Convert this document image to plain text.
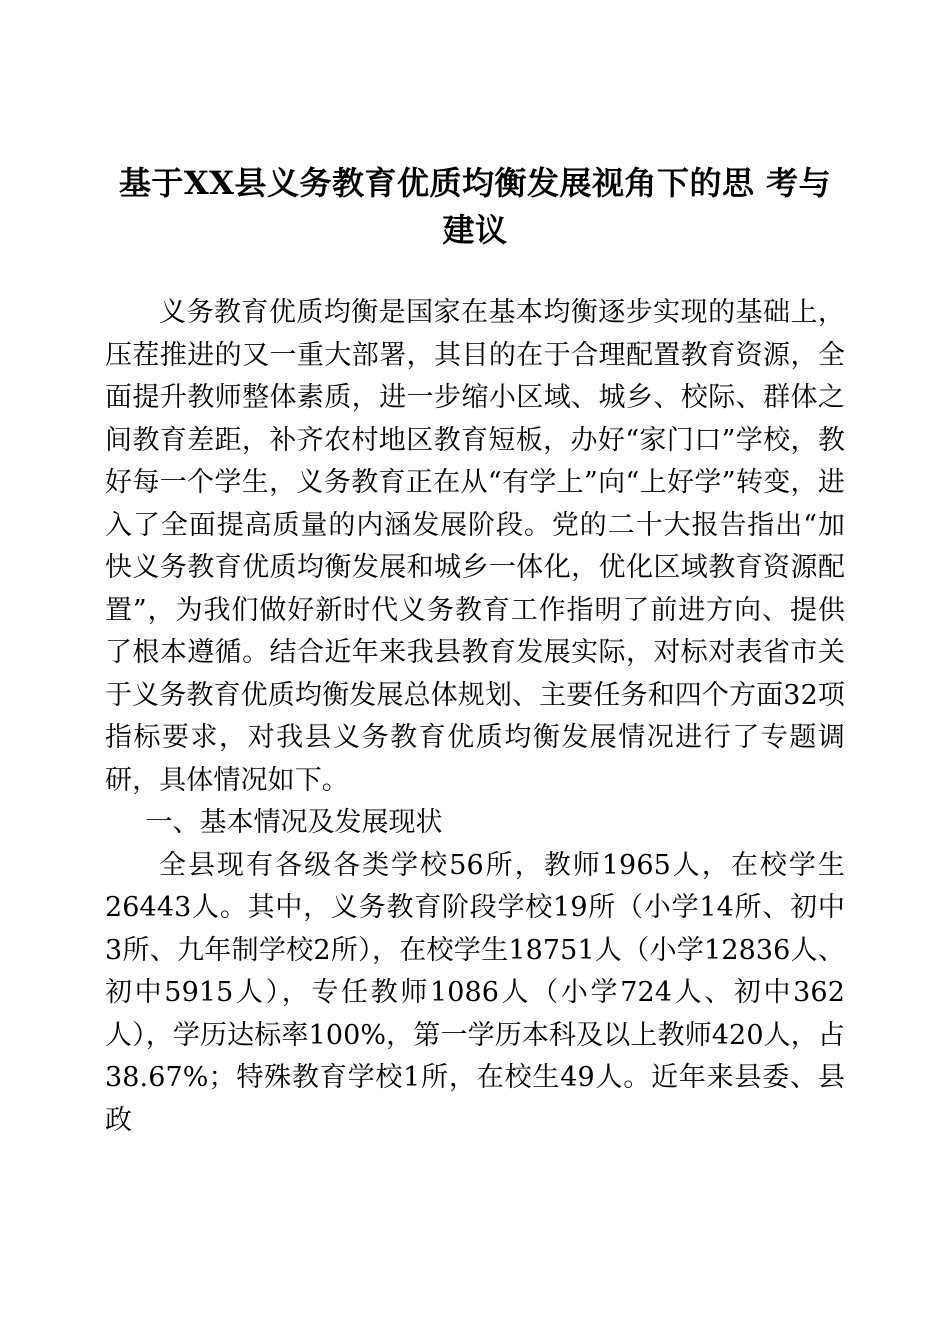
基于XX县义务教育优质均衡发展视角下的思 考与建议

义务教育优质均衡是国家在基本均衡逐步实现的基础上，压茬推进的又一重大部署，其目的在于合理配置教育资源，全面提升教师整体素质，进一步缩小区域、城乡、校际、群体之间教育差距，补齐农村地区教育短板，办好“家门口”学校，教好每一个学生，义务教育正在从“有学上”向“上好学”转变，进入了全面提高质量的内涵发展阶段。党的二十大报告指出“加快义务教育优质均衡发展和城乡一体化，优化区域教育资源配置”，为我们做好新时代义务教育工作指明了前进方向、提供了根本遵循。结合近年来我县教育发展实际，对标对表省市关于义务教育优质均衡发展总体规划、主要任务和四个方面32项指标要求，对我县义务教育优质均衡发展情况进行了专题调研，具体情况如下。

一、基本情况及发展现状

全县现有各级各类学校56所，教师1965人，在校学生26443人。其中，义务教育阶段学校19所（小学14所、初中3所、九年制学校2所），在校学生18751人（小学12836人、初中5915人），专任教师1086人（小学724人、初中362人），学历达标率100%，第一学历本科及以上教师420人，占38.67%；特殊教育学校1所，在校生49人。近年来县委、县政
